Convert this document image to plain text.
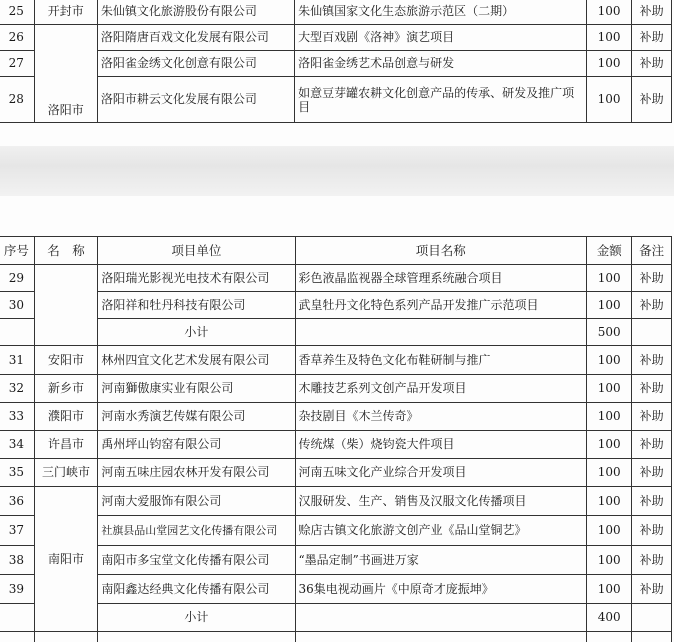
25	开封市	朱仙镇文化旅游股份有限公司	朱仙镇国家文化生态旅游示范区（二期）	100	补助
26	洛阳市	洛阳隋唐百戏文化发展有限公司	大型百戏剧《洛神》演艺项目	100	补助
27		洛阳雀金绣文化创意有限公司	洛阳雀金绣艺术品创意与研发	100	补助
28		洛阳市耕云文化发展有限公司	如意豆芽罐农耕文化创意产品的传承、研发及推广项目	100	补助
序号	名　称	项目单位	项目名称	金额	备注
29		洛阳瑞光影视光电技术有限公司	彩色液晶监视器全球管理系统融合项目	100	补助
30		洛阳祥和牡丹科技有限公司	武皇牡丹文化特色系列产品开发推广示范项目	100	补助
		小计		500	
31	安阳市	林州四宜文化艺术发展有限公司	香草养生及特色文化布鞋研制与推广	100	补助
32	新乡市	河南獅傲康实业有限公司	木雕技艺系列文创产品开发项目	100	补助
33	濮阳市	河南水秀演艺传媒有限公司	杂技剧目《木兰传奇》	100	补助
34	许昌市	禹州坪山钧窑有限公司	传统煤（柴）烧钧瓷大件项目	100	补助
35	三门峡市	河南五味庄园农林开发有限公司	河南五味文化产业综合开发项目	100	补助
36	南阳市	河南大爱服饰有限公司	汉服研发、生产、销售及汉服文化传播项目	100	补助
37		社旗县品山堂园艺文化传播有限公司	赊店古镇文化旅游文创产业《品山堂铜艺》	100	补助
38		南阳市多宝堂文化传播有限公司	“墨品定制”书画进万家	100	补助
39		南阳鑫达经典文化传播有限公司	36集电视动画片《中原奇才庞振坤》	100	补助
		小计		400	
